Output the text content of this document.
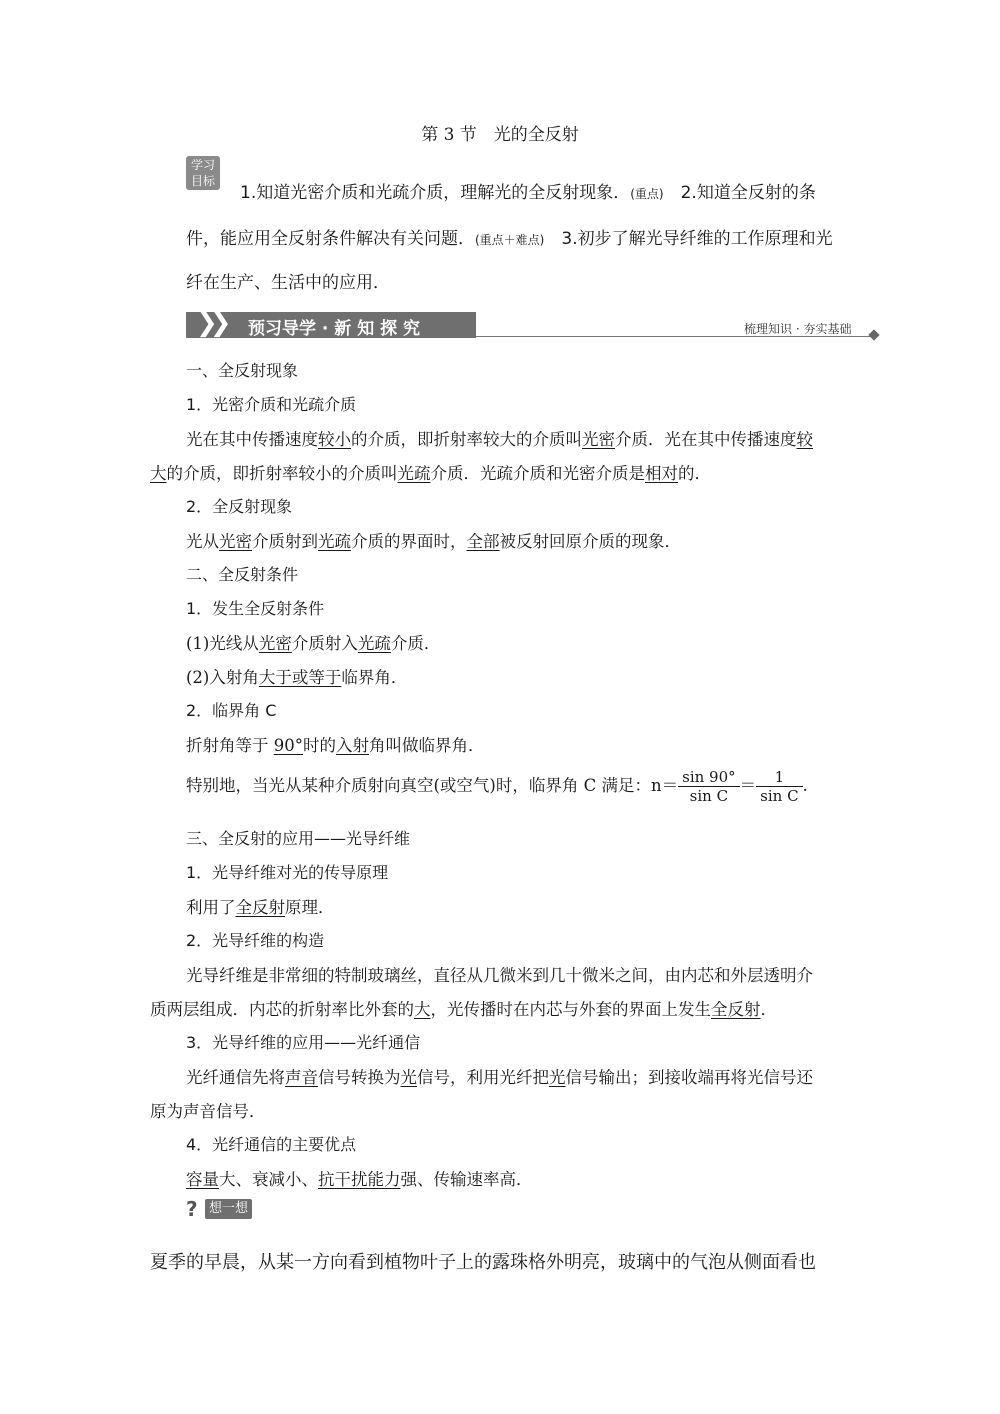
第 3 节　光的全反射
学习
目标
1.知道光密介质和光疏介质，理解光的全反射现象．(重点)　2.知道全反射的条
件，能应用全反射条件解决有关问题．(重点＋难点)　3.初步了解光导纤维的工作原理和光
纤在生产、生活中的应用．
❯❯ 预习导学 · 新 知 探 究	梳理知识 · 夯实基础
一、全反射现象
1．光密介质和光疏介质
光在其中传播速度较小的介质，即折射率较大的介质叫光密介质．光在其中传播速度较
大的介质，即折射率较小的介质叫光疏介质．光疏介质和光密介质是相对的．
2．全反射现象
光从光密介质射到光疏介质的界面时，全部被反射回原介质的现象．
二、全反射条件
1．发生全反射条件
(1)光线从光密介质射入光疏介质．
(2)入射角大于或等于临界角．
2．临界角 C
折射角等于 90°时的入射角叫做临界角．
特别地，当光从某种介质射向真空(或空气)时，临界角 C 满足：$n= \frac{\sin 90^\circ}{\text{sin C}} = \frac{1}{\text{sin C}}$ .
三、全反射的应用——光导纤维
1．光导纤维对光的传导原理
利用了全反射原理．
2．光导纤维的构造
光导纤维是非常细的特制玻璃丝，直径从几微米到几十微米之间，由内芯和外层透明介
质两层组成．内芯的折射率比外套的大，光传播时在内芯与外套的界面上发生全反射．
3．光导纤维的应用——光纤通信
光纤通信先将声音信号转换为光信号，利用光纤把光信号输出；到接收端再将光信号还
原为声音信号．
4．光纤通信的主要优点
容量大、衰减小、抗干扰能力强、传输速率高．
? 想一想
夏季的早晨，从某一方向看到植物叶子上的露珠格外明亮，玻璃中的气泡从侧面看也
